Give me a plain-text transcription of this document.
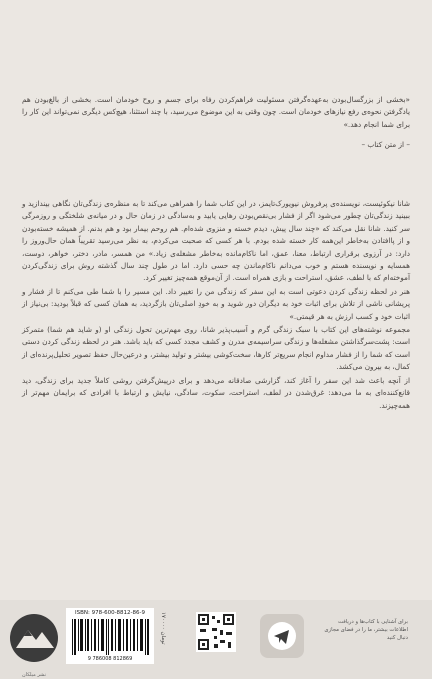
«بخشی از بزرگسال‌بودن به‌عهده‌گرفتن مسئولیت فراهم‌کردن رفاه برای جسم و روح خودمان است. بخشی از بالغ‌بودن هم یادگرفتن نحوه‌ی رفع نیازهای خودمان است. چون وقتی به این موضوع می‌رسید، با چند استثنا، هیچ‌کس دیگری نمی‌تواند این کار را برای شما انجام دهد.»

– از متن کتاب –

شانا نیکوئیست، نویسنده‌ی پرفروش نیویورک‌تایمز، در این کتاب شما را همراهی می‌کند تا به منظره‌ی زندگی‌تان نگاهی بیندازید و ببینید زندگی‌تان چطور می‌شود اگر از فشار بی‌نقص‌بودن رهایی یابید و به‌سادگی در زمان حال و در میانه‌ی شلختگی و روزمرگی سر کنید. شانا نقل می‌کند که «چند سال پیش، دیدم خسته و منزوی شده‌ام. هم روحم بیمار بود و هم بدنم. از همیشه خسته‌بودن و از پاافتادن به‌خاطر این‌همه کار خسته شده بودم. با هر کسی که صحبت می‌کردم، به نظر می‌رسید تقریباً همان حال‌وروز را دارد: در آرزوی برقراری ارتباط، معنا، عمق، اما ناکام‌مانده به‌خاطر مشغله‌ی زیاد.» من همسر، مادر، دختر، خواهر، دوست، همسایه و نویسنده هستم و خوب می‌دانم ناکام‌ماندن چه حسی دارد. اما در طول چند سال گذشته روش برای زندگی‌کردن آموخته‌ام که با لطف، عشق، استراحت و بازی همراه است. از آن‌موقع همه‌چیز تغییر کرد.

هنر در لحظه زندگی کردن دعوتی است به این سفر که زندگی من را تغییر داد. این مسیر را با شما طی می‌کنم تا از فشار و پریشانی ناشی از تلاش برای اثبات خود به دیگران دور شوید و به خودِ اصلی‌تان بازگردید، به همان کسی که قبلاً بودید: بی‌نیاز از اثبات خود و کسب ارزش به هر قیمتی.»

مجموعه نوشته‌های این کتاب با سبک زندگی گرم و آسیب‌پذیر شانا، روی مهم‌ترین تحول زندگی او (و شاید هم شما) متمرکز است: پشت‌سرگذاشتن مشغله‌ها و زندگی سراسیمه‌ی مدرن و کشف مجدد کسی که باید باشد. هنر در لحظه زندگی کردن دستی است که شما را از فشار مداوم انجام سریع‌تر کارها، سخت‌کوشی بیشتر و تولید بیشتر، و درعین‌حال حفظ تصویر تحلیل‌پرنده‌ای از کمال، به بیرون می‌کشد.

از آنچه باعث شد این سفر را آغاز کند، گزارشی صادقانه می‌دهد و برای درپیش‌گرفتن روشی کاملاً جدید برای زندگی، دید قانع‌کننده‌ای به ما می‌دهد: غرق‌شدن در لطف، استراحت، سکوت، سادگی، نیایش و ارتباط با افرادی که برایمان مهم‌تر از همه‌چیزند.

نشر میلکان
ISBN: 978-600-8812-86-9
9 786008 812869
۱۷۰۰۰۰ تومان
برای آشنایی با کتاب‌ها و دریافت اطلاعات بیشتر، ما را در فضای مجازی دنبال کنید
